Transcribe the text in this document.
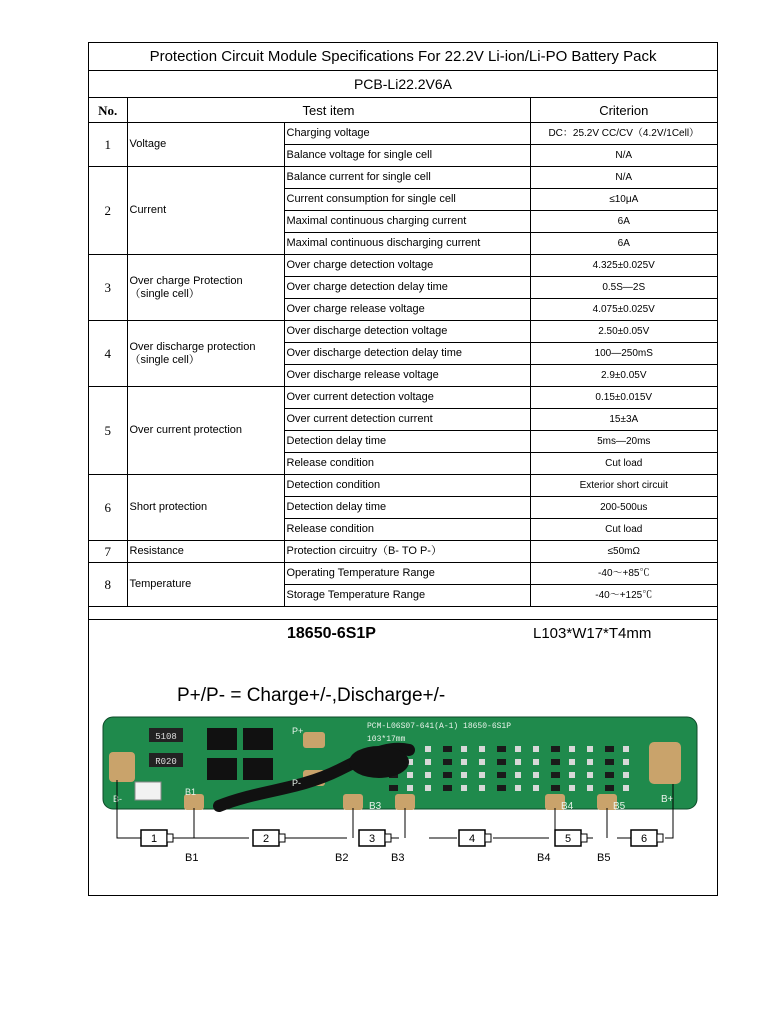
Protection Circuit Module Specifications For 22.2V Li-ion/Li-PO Battery Pack			
PCB-Li22.2V6A			
No.	Test item		Criterion
1	Voltage	Charging voltage	DC：25.2V CC/CV（4.2V/1Cell）
		Balance voltage for single cell	N/A
2	Current	Balance current for single cell	N/A
		Current consumption for single cell	≤10μA
		Maximal continuous charging current	6A
		Maximal continuous discharging current	6A
3	Over charge Protection （single cell）	Over charge detection voltage	4.325±0.025V
		Over charge detection delay time	0.5S—2S
		Over charge release voltage	4.075±0.025V
4	Over discharge protection（single cell）	Over discharge detection voltage	2.50±0.05V
		Over discharge detection delay time	100—250mS
		Over discharge release voltage	2.9±0.05V
5	Over current protection	Over current detection voltage	0.15±0.015V
		Over current detection current	15±3A
		Detection delay time	5ms—20ms
		Release condition	Cut load
6	Short protection	Detection condition	Exterior short circuit
		Detection delay time	200-500us
		Release condition	Cut load
7	Resistance	Protection circuitry（B- TO P-）	≤50mΩ
8	Temperature	Operating Temperature Range	-40～+85℃
		Storage Temperature Range	-40～+125℃
18650-6S1P	L103*W17*T4mm
P+/P- = Charge+/-,Discharge+/-
5108
R020
PCM-L06S07-641(A-1) 18650-6S1P
103*17mm
B1
B3	B4	B5
B+
B-
P+
P-
1	2	3	4	5	6
B1	B2	B3	B4	B5
